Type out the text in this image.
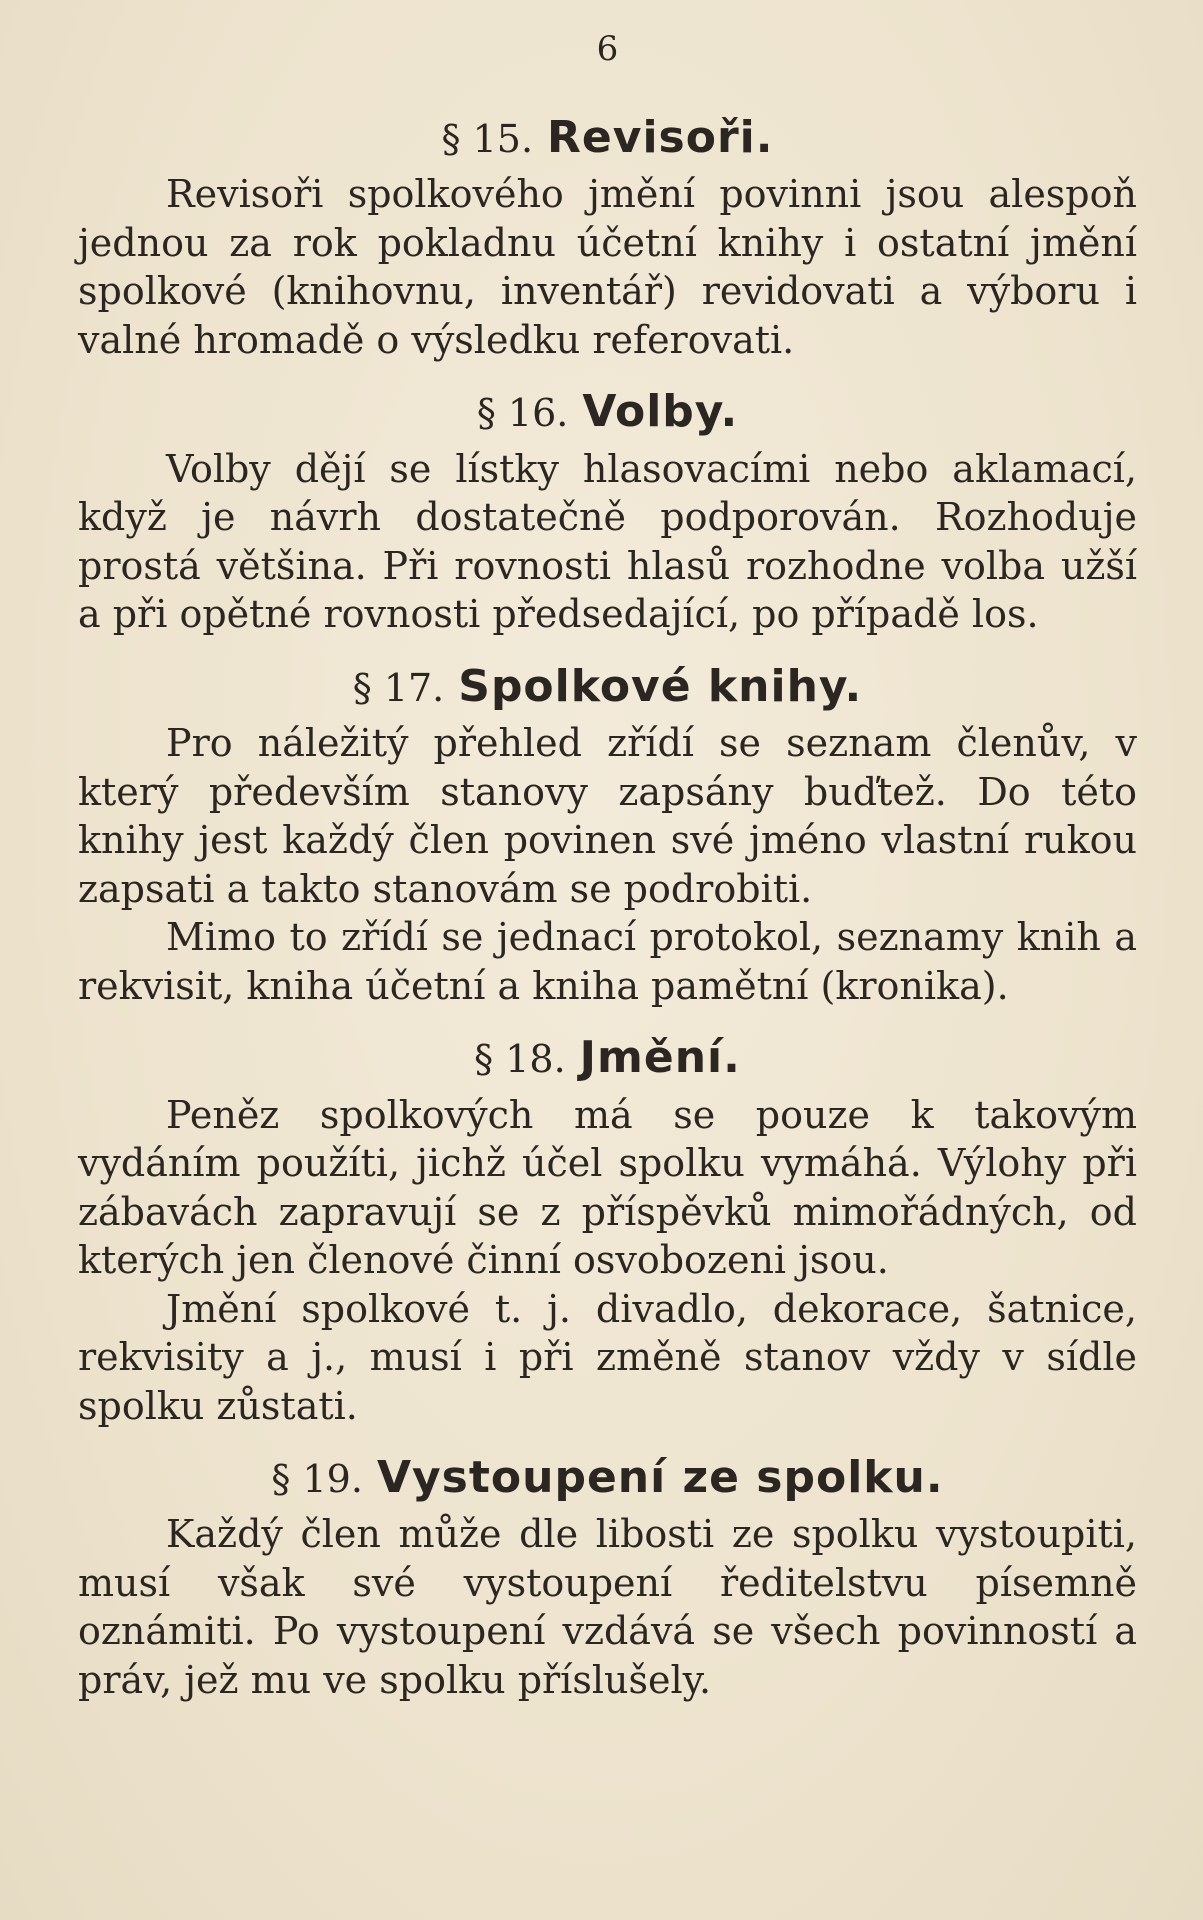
6
§ 15. Revisoři.

Revisoři spolkového jmění povinni jsou alespoň jednou za rok pokladnu účetní knihy i ostatní jmění spolkové (knihovnu, inventář) revidovati a výboru i valné hromadě o výsledku referovati.

§ 16. Volby.

Volby dějí se lístky hlasovacími nebo aklamací, když je návrh dostatečně podporován. Rozhoduje prostá většina. Při rovnosti hlasů rozhodne volba užší a při opětné rovnosti předsedající, po případě los.

§ 17. Spolkové knihy.

Pro náležitý přehled zřídí se seznam členův, v který především stanovy zapsány buďtež. Do této knihy jest každý člen povinen své jméno vlastní rukou zapsati a takto stanovám se podrobiti.

Mimo to zřídí se jednací protokol, seznamy knih a rekvisit, kniha účetní a kniha pamětní (kronika).

§ 18. Jmění.

Peněz spolkových má se pouze k takovým vydáním použíti, jichž účel spolku vymáhá. Výlohy při zábavách zapravují se z příspěvků mimořádných, od kterých jen členové činní osvobozeni jsou.

Jmění spolkové t. j. divadlo, dekorace, šatnice, rekvisity a j., musí i při změně stanov vždy v sídle spolku zůstati.

§ 19. Vystoupení ze spolku.

Každý člen může dle libosti ze spolku vystoupiti, musí však své vystoupení ředitelstvu písemně oznámiti. Po vystoupení vzdává se všech povinností a práv, jež mu ve spolku příslušely.
